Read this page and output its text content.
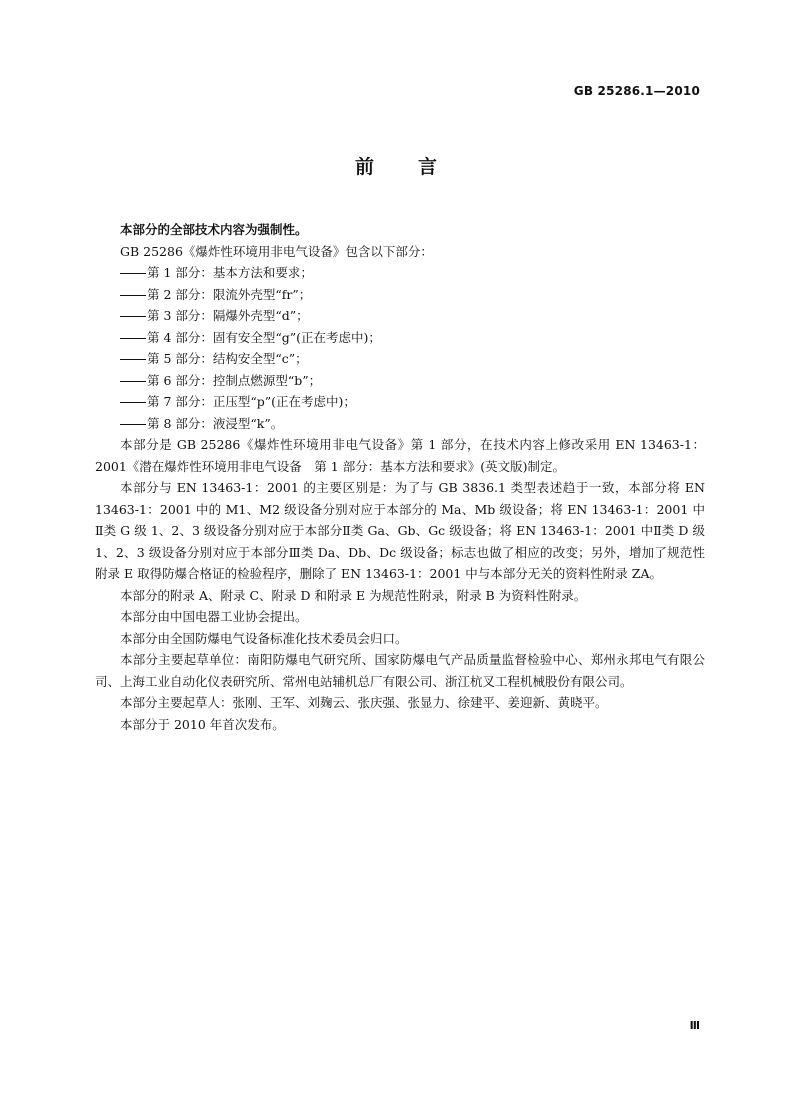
GB 25286.1—2010
前言

本部分的全部技术内容为强制性。

GB 25286《爆炸性环境用非电气设备》包含以下部分：

第 1 部分：基本方法和要求；

第 2 部分：限流外壳型“fr”；

第 3 部分：隔爆外壳型“d”；

第 4 部分：固有安全型“g”(正在考虑中)；

第 5 部分：结构安全型“c”；

第 6 部分：控制点燃源型“b”；

第 7 部分：正压型“p”(正在考虑中)；

第 8 部分：液浸型“k”。

本部分是 GB 25286《爆炸性环境用非电气设备》第 1 部分，在技术内容上修改采用 EN 13463-1：2001《潜在爆炸性环境用非电气设备　第 1 部分：基本方法和要求》(英文版)制定。

本部分与 EN 13463-1：2001 的主要区别是：为了与 GB 3836.1 类型表述趋于一致，本部分将 EN 13463-1：2001 中的 M1、M2 级设备分别对应于本部分的 Ma、Mb 级设备；将 EN 13463-1：2001 中Ⅱ类 G 级 1、2、3 级设备分别对应于本部分Ⅱ类 Ga、Gb、Gc 级设备；将 EN 13463-1：2001 中Ⅱ类 D 级 1、2、3 级设备分别对应于本部分Ⅲ类 Da、Db、Dc 级设备；标志也做了相应的改变；另外，增加了规范性附录 E 取得防爆合格证的检验程序，删除了 EN 13463-1：2001 中与本部分无关的资料性附录 ZA。

本部分的附录 A、附录 C、附录 D 和附录 E 为规范性附录，附录 B 为资料性附录。

本部分由中国电器工业协会提出。

本部分由全国防爆电气设备标准化技术委员会归口。

本部分主要起草单位：南阳防爆电气研究所、国家防爆电气产品质量监督检验中心、郑州永邦电气有限公司、上海工业自动化仪表研究所、常州电站辅机总厂有限公司、浙江杭叉工程机械股份有限公司。

本部分主要起草人：张刚、王军、刘麹云、张庆强、张显力、徐建平、姜迎新、黄晓平。

本部分于 2010 年首次发布。

Ⅲ
